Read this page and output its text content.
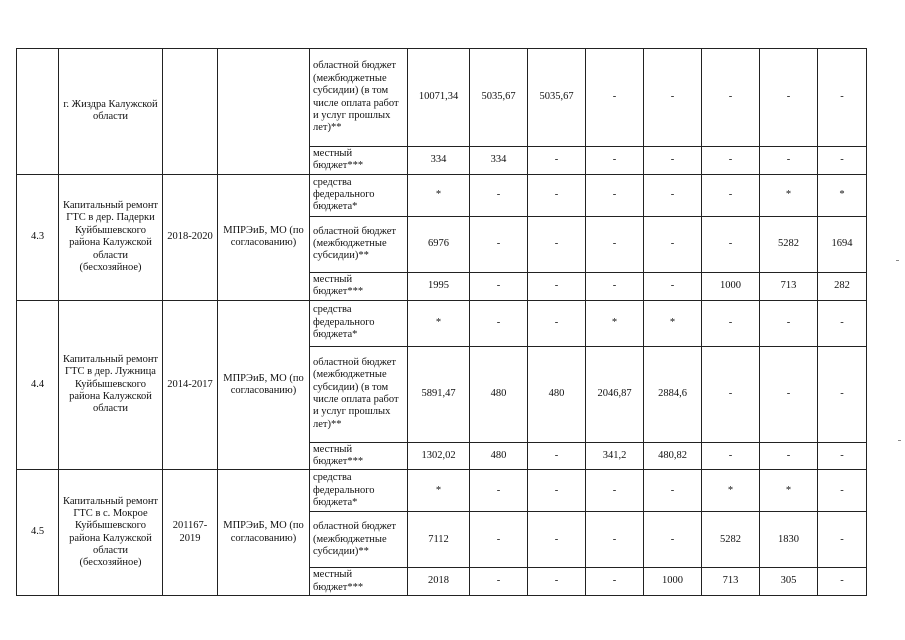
	г. Жиздра Калужской области			областной бюджет (межбюджетные субсидии) (в том числе оплата работ и услуг прошлых лет)**	10071,34	5035,67	5035,67	-	-	-	-	-
				местный бюджет***	334	334	-	-	-	-	-	-
4.3	Капитальный ремонт ГТС в дер. Падерки Куйбышевского района Калужской области (бесхозяйное)	2018-2020	МПРЭиБ, МО (по согласованию)	средства федерального бюджета*	*	-	-	-	-	-	*	*
				областной бюджет (межбюджетные субсидии)**	6976	-	-	-	-	-	5282	1694
				местный бюджет***	1995	-	-	-	-	1000	713	282
4.4	Капитальный ремонт ГТС в дер. Лужница Куйбышевского района Калужской области	2014-2017	МПРЭиБ, МО (по согласованию)	средства федерального бюджета*	*	-	-	*	*	-	-	-
				областной бюджет (межбюджетные субсидии) (в том числе оплата работ и услуг прошлых лет)**	5891,47	480	480	2046,87	2884,6	-	-	-
				местный бюджет***	1302,02	480	-	341,2	480,82	-	-	-
4.5	Капитальный ремонт ГТС в с. Мокрое Куйбышевского района Калужской области (бесхозяйное)	201167-2019	МПРЭиБ, МО (по согласованию)	средства федерального бюджета*	*	-	-	-	-	*	*	-
				областной бюджет (межбюджетные субсидии)**	7112	-	-	-	-	5282	1830	-
				местный бюджет***	2018	-	-	-	1000	713	305	-
